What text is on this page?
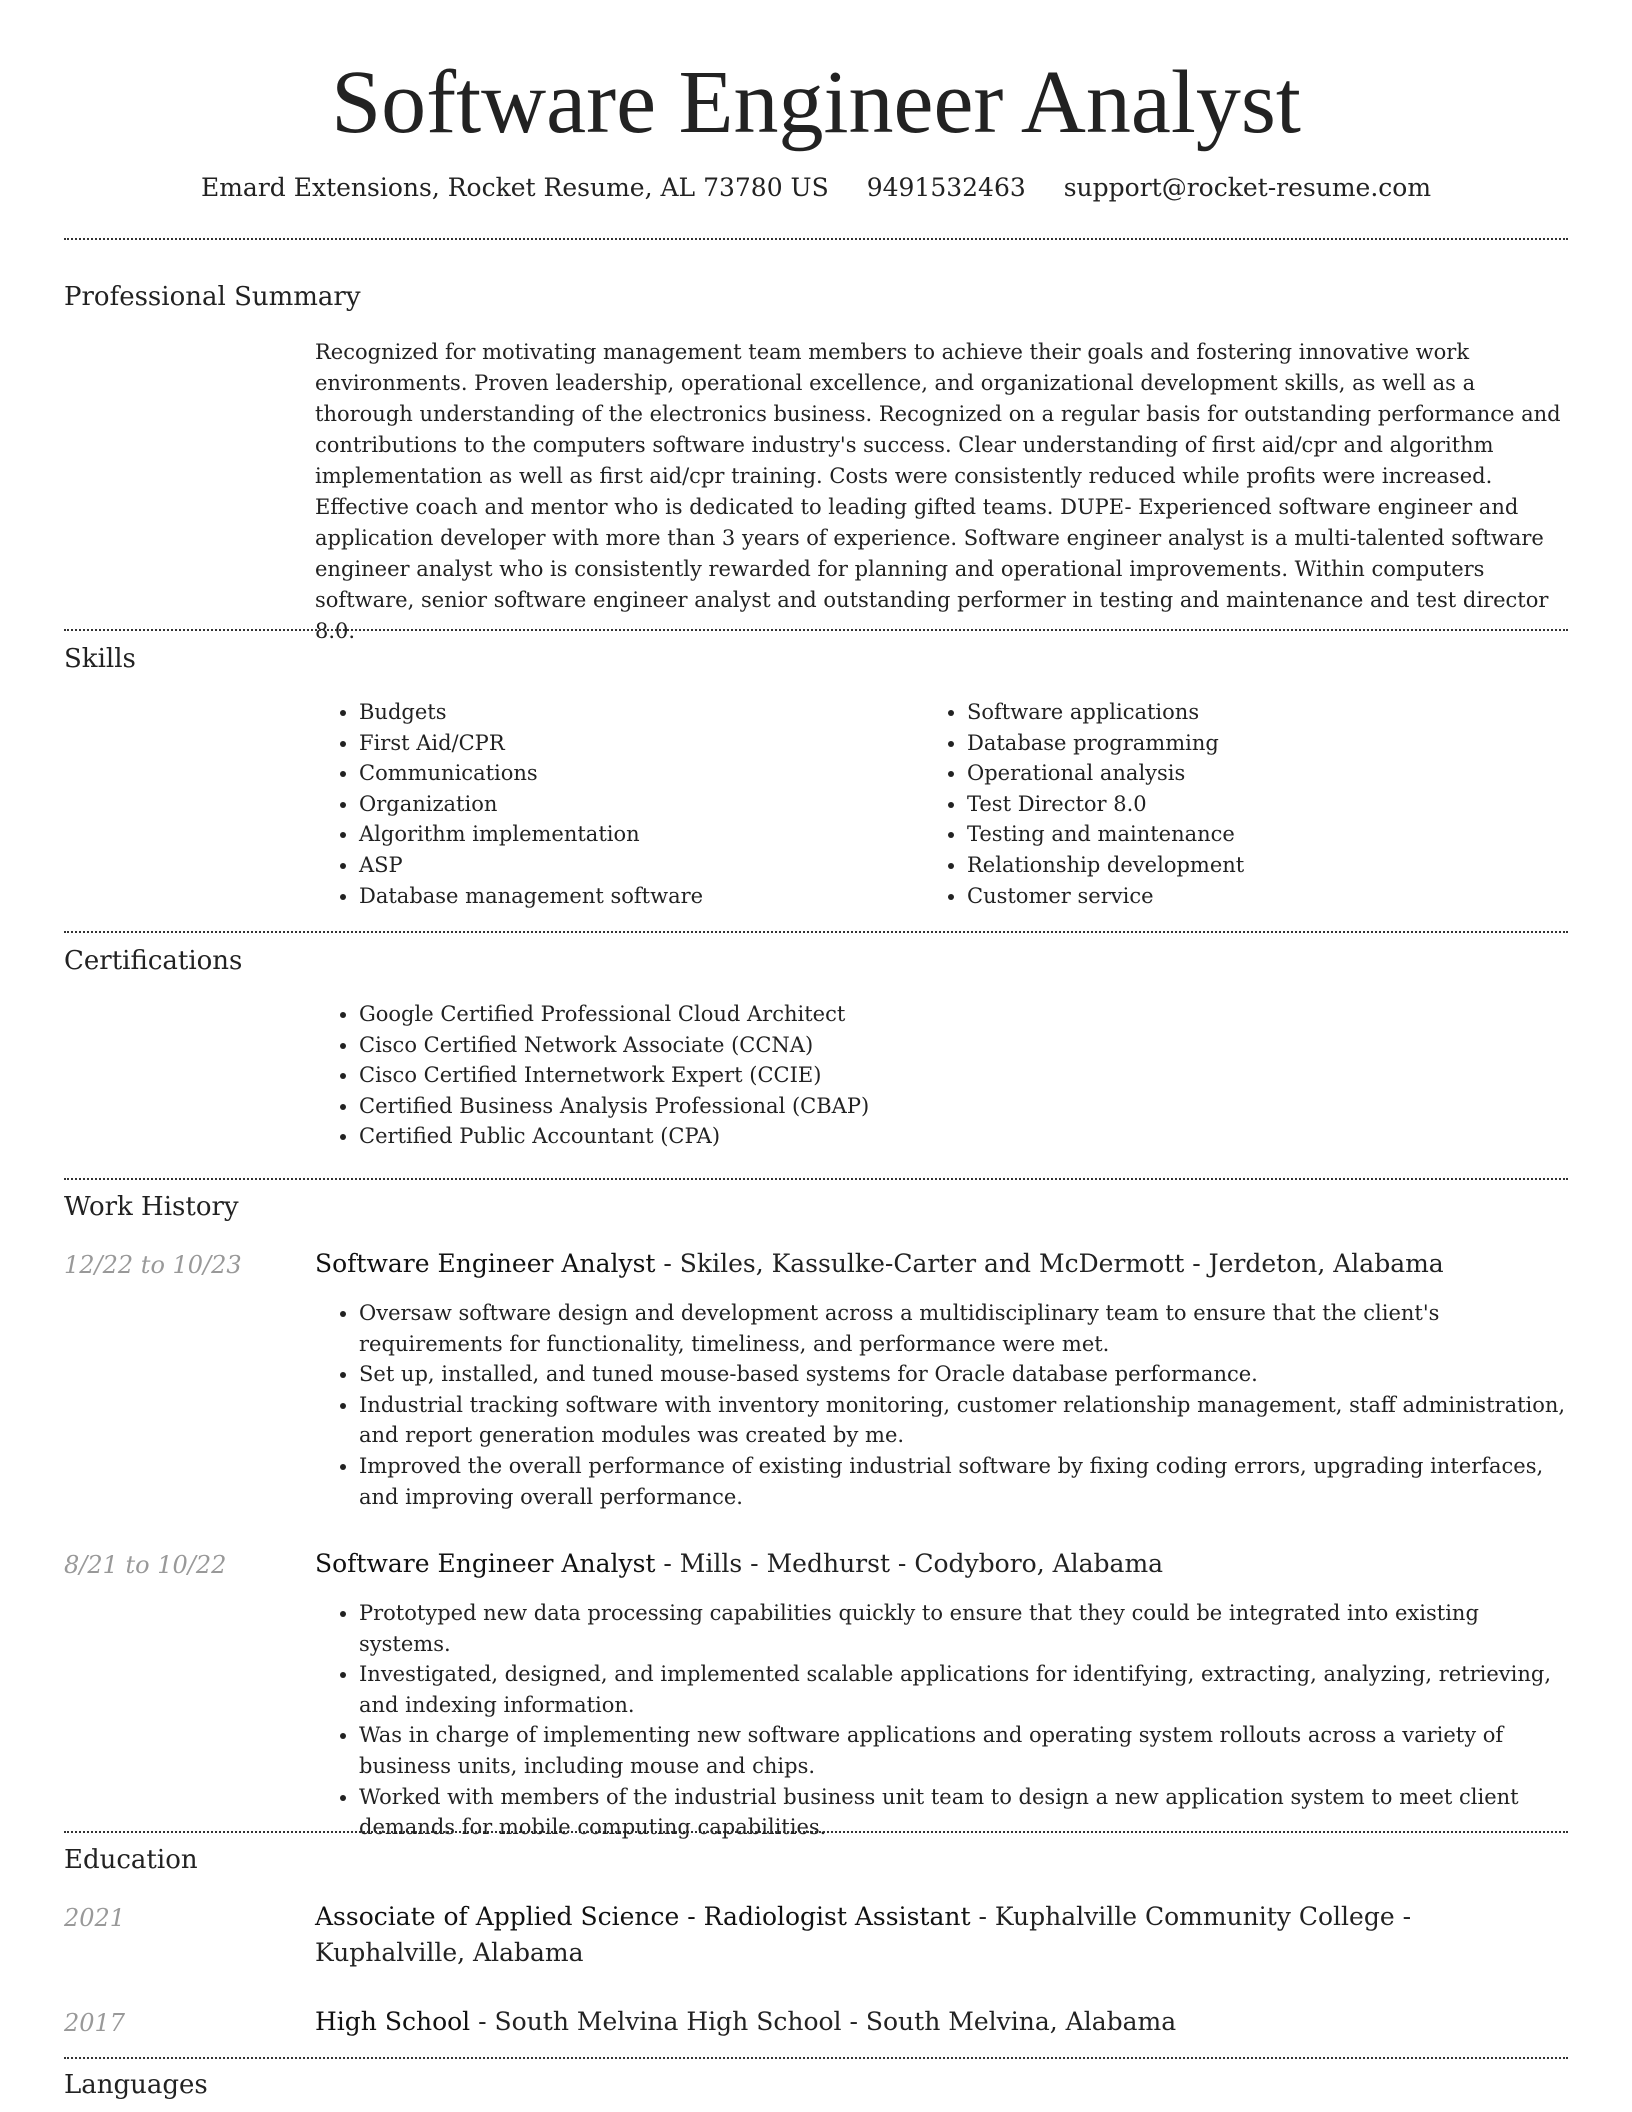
Software Engineer Analyst
Emard Extensions, Rocket Resume, AL 73780 US 9491532463 support@rocket-resume.com
Professional Summary
Recognized for motivating management team members to achieve their goals and fostering innovative work environments. Proven leadership, operational excellence, and organizational development skills, as well as a thorough understanding of the electronics business. Recognized on a regular basis for outstanding performance and contributions to the computers software industry's success. Clear understanding of first aid/cpr and algorithm implementation as well as first aid/cpr training. Costs were consistently reduced while profits were increased. Effective coach and mentor who is dedicated to leading gifted teams. DUPE- Experienced software engineer and application developer with more than 3 years of experience. Software engineer analyst is a multi-talented software engineer analyst who is consistently rewarded for planning and operational improvements. Within computers software, senior software engineer analyst and outstanding performer in testing and maintenance and test director 8.0.
Skills
• Budgets
• First Aid/CPR
• Communications
• Organization
• Algorithm implementation
• ASP
• Database management software
• Software applications
• Database programming
• Operational analysis
• Test Director 8.0
• Testing and maintenance
• Relationship development
• Customer service
Certifications
• Google Certified Professional Cloud Architect
• Cisco Certified Network Associate (CCNA)
• Cisco Certified Internetwork Expert (CCIE)
• Certified Business Analysis Professional (CBAP)
• Certified Public Accountant (CPA)
Work History
12/22 to 10/23	Software Engineer Analyst - Skiles, Kassulke-Carter and McDermott - Jerdeton, Alabama
• Oversaw software design and development across a multidisciplinary team to ensure that the client's requirements for functionality, timeliness, and performance were met.
• Set up, installed, and tuned mouse-based systems for Oracle database performance.
• Industrial tracking software with inventory monitoring, customer relationship management, staff administration, and report generation modules was created by me.
• Improved the overall performance of existing industrial software by fixing coding errors, upgrading interfaces, and improving overall performance.
8/21 to 10/22	Software Engineer Analyst - Mills - Medhurst - Codyboro, Alabama
• Prototyped new data processing capabilities quickly to ensure that they could be integrated into existing systems.
• Investigated, designed, and implemented scalable applications for identifying, extracting, analyzing, retrieving, and indexing information.
• Was in charge of implementing new software applications and operating system rollouts across a variety of business units, including mouse and chips.
• Worked with members of the industrial business unit team to design a new application system to meet client demands for mobile computing capabilities.
Education
2021	Associate of Applied Science - Radiologist Assistant - Kuphalville Community College - Kuphalville, Alabama
2017	High School - South Melvina High School - South Melvina, Alabama
Languages
